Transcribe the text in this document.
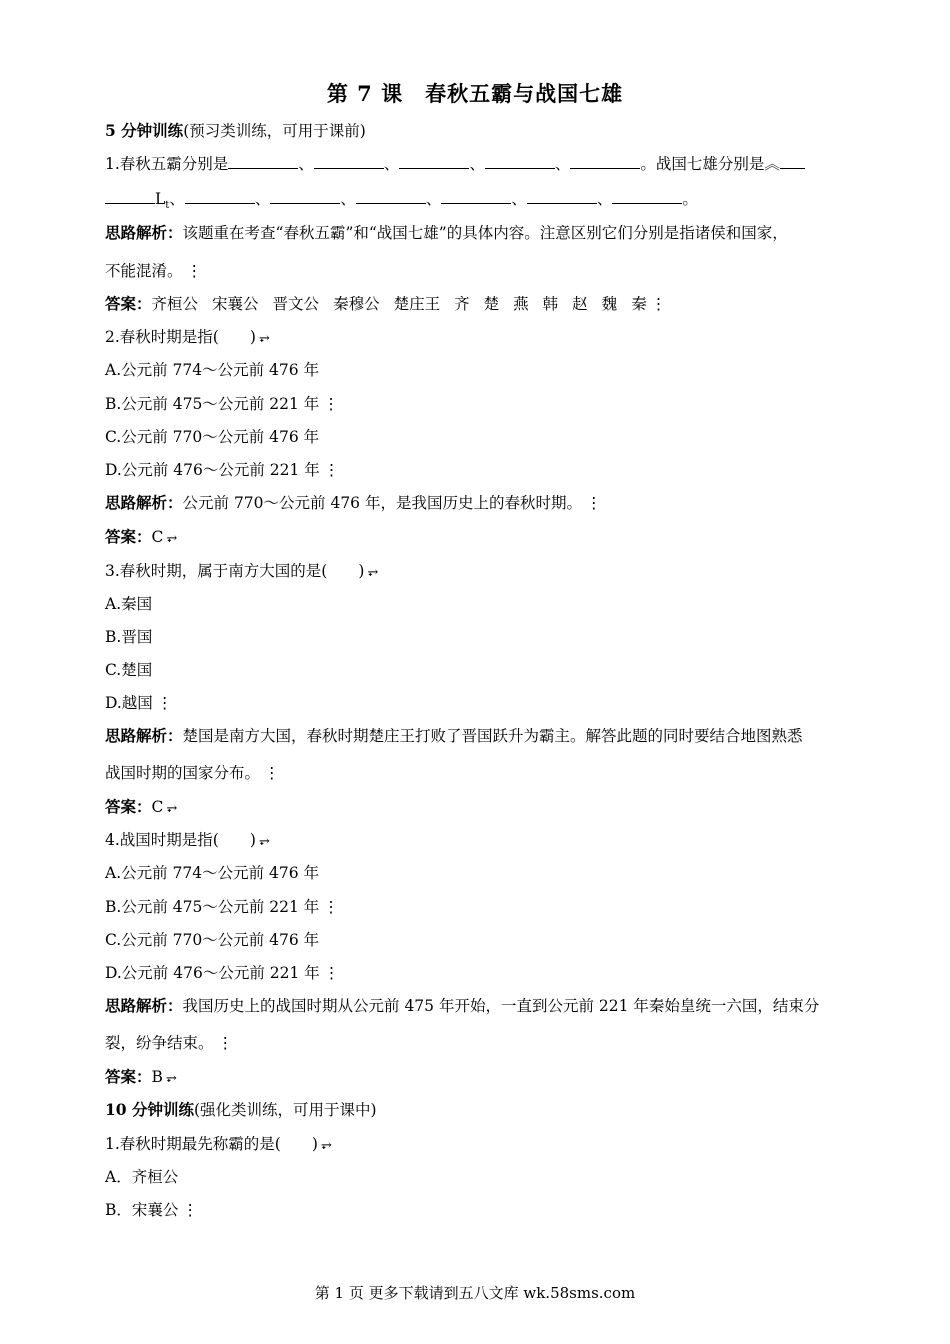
第 7 课　春秋五霸与战国七雄
5 分钟训练(预习类训练，可用于课前)
1.春秋五霸分别是	、	、	、	、	。战国七雄分别是︽
$L_t$、	、	、	、	、	、	。
思路解析：该题重在考查“春秋五霸”和“战国七雄”的具体内容。注意区别它们分别是指诸侯和国家，
不能混淆。 ⋮
答案：齐桓公 宋襄公 晋文公 秦穆公 楚庄王 齐 楚 燕 韩 赵 魏 秦 ⋮
2.春秋时期是指(　　) ⥅
A.公元前 774～公元前 476 年
B.公元前 475～公元前 221 年 ⋮
C.公元前 770～公元前 476 年
D.公元前 476～公元前 221 年 ⋮
思路解析：公元前 770～公元前 476 年，是我国历史上的春秋时期。 ⋮
答案：C ⥅
3.春秋时期，属于南方大国的是(　　) ⥅
A.秦国
B.晋国
C.楚国
D.越国 ⋮
思路解析：楚国是南方大国，春秋时期楚庄王打败了晋国跃升为霸主。解答此题的同时要结合地图熟悉
战国时期的国家分布。 ⋮
答案：C ⥅
4.战国时期是指(　　) ⥅
A.公元前 774～公元前 476 年
B.公元前 475～公元前 221 年 ⋮
C.公元前 770～公元前 476 年
D.公元前 476～公元前 221 年 ⋮
思路解析：我国历史上的战国时期从公元前 475 年开始，一直到公元前 221 年秦始皇统一六国，结束分
裂，纷争结束。 ⋮
答案：B ⥅
10 分钟训练(强化类训练，可用于课中)
1.春秋时期最先称霸的是(　　) ⥅
A．齐桓公
B．宋襄公 ⋮
第 1 页 更多下载请到五八文库 wk.58sms.com
